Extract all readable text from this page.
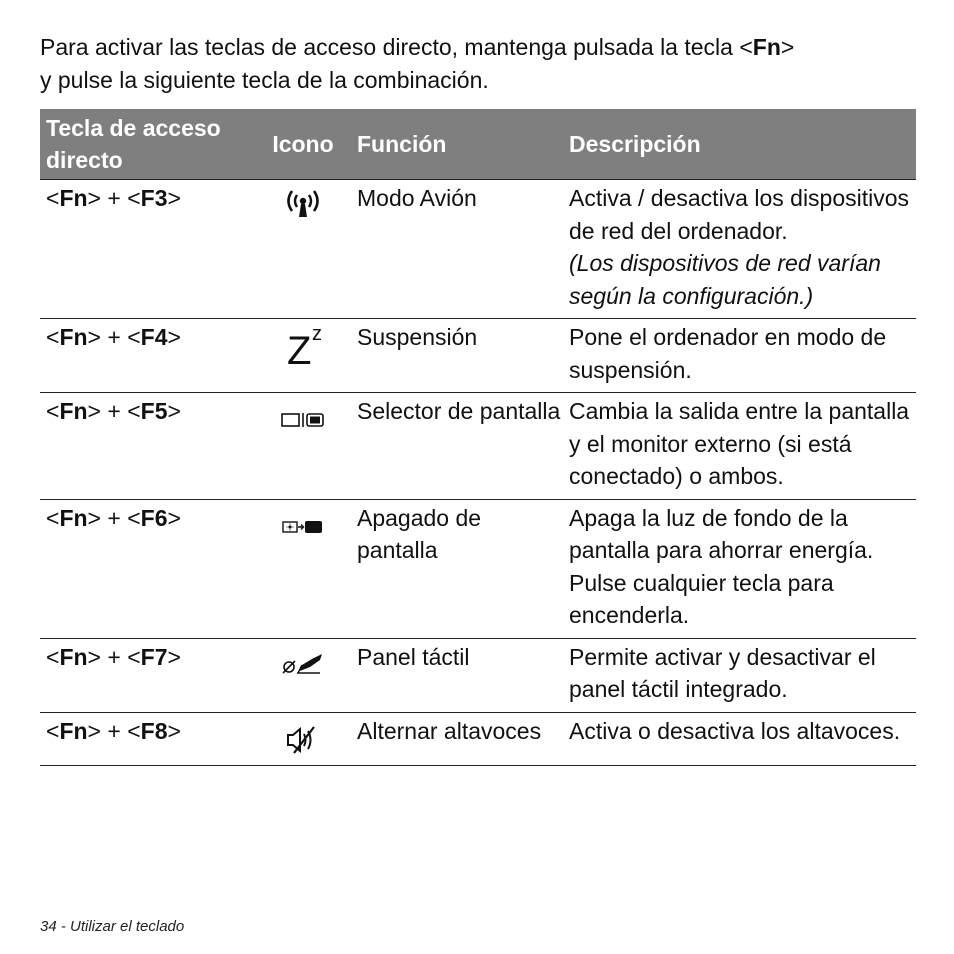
Para activar las teclas de acceso directo, mantenga pulsada la tecla <Fn>
y pulse la siguiente tecla de la combinación.
Tecla de acceso directo	Icono	Función	Descripción
<Fn> + <F3>		Modo Avión	Activa / desactiva los dispositivos de red del ordenador.
(Los dispositivos de red varían según la configuración.)

<Fn> + <F4>	Z z	Suspensión	Pone el ordenador en modo de suspensión.
<Fn> + <F5>		Selector de pantalla	Cambia la salida entre la pantalla y el monitor externo (si está conectado) o ambos.
<Fn> + <F6>		Apagado de pantalla	Apaga la luz de fondo de la pantalla para ahorrar energía. Pulse cualquier tecla para encenderla.
<Fn> + <F7>		Panel táctil	Permite activar y desactivar el panel táctil integrado.
<Fn> + <F8>		Alternar altavoces	Activa o desactiva los altavoces.
34 - Utilizar el teclado
